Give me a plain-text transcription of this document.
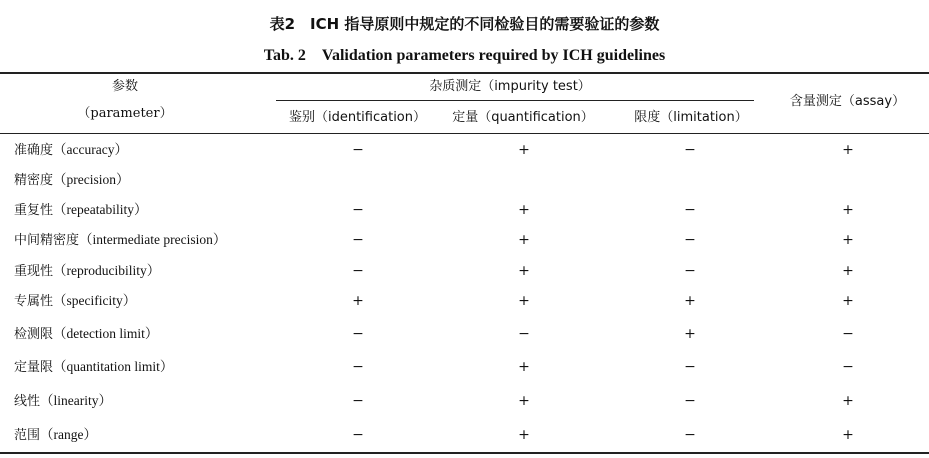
表2　ICH 指导原则中规定的不同检验目的需要验证的参数
Tab. 2　Validation parameters required by ICH guidelines
参数
（parameter）
杂质测定（impurity test）
含量测定（assay）
鉴别（identification）	定量（quantification）	限度（limitation）
准确度（accuracy）	−	+	−	+
精密度（precision）
重复性（repeatability）	−	+	−	+
中间精密度（intermediate precision）	−	+	−	+
重现性（reproducibility）	−	+	−	+
专属性（specificity）	+	+	+	+
检测限（detection limit）	−	−	+	−
定量限（quantitation limit）	−	+	−	−
线性（linearity）	−	+	−	+
范围（range）	−	+	−	+
